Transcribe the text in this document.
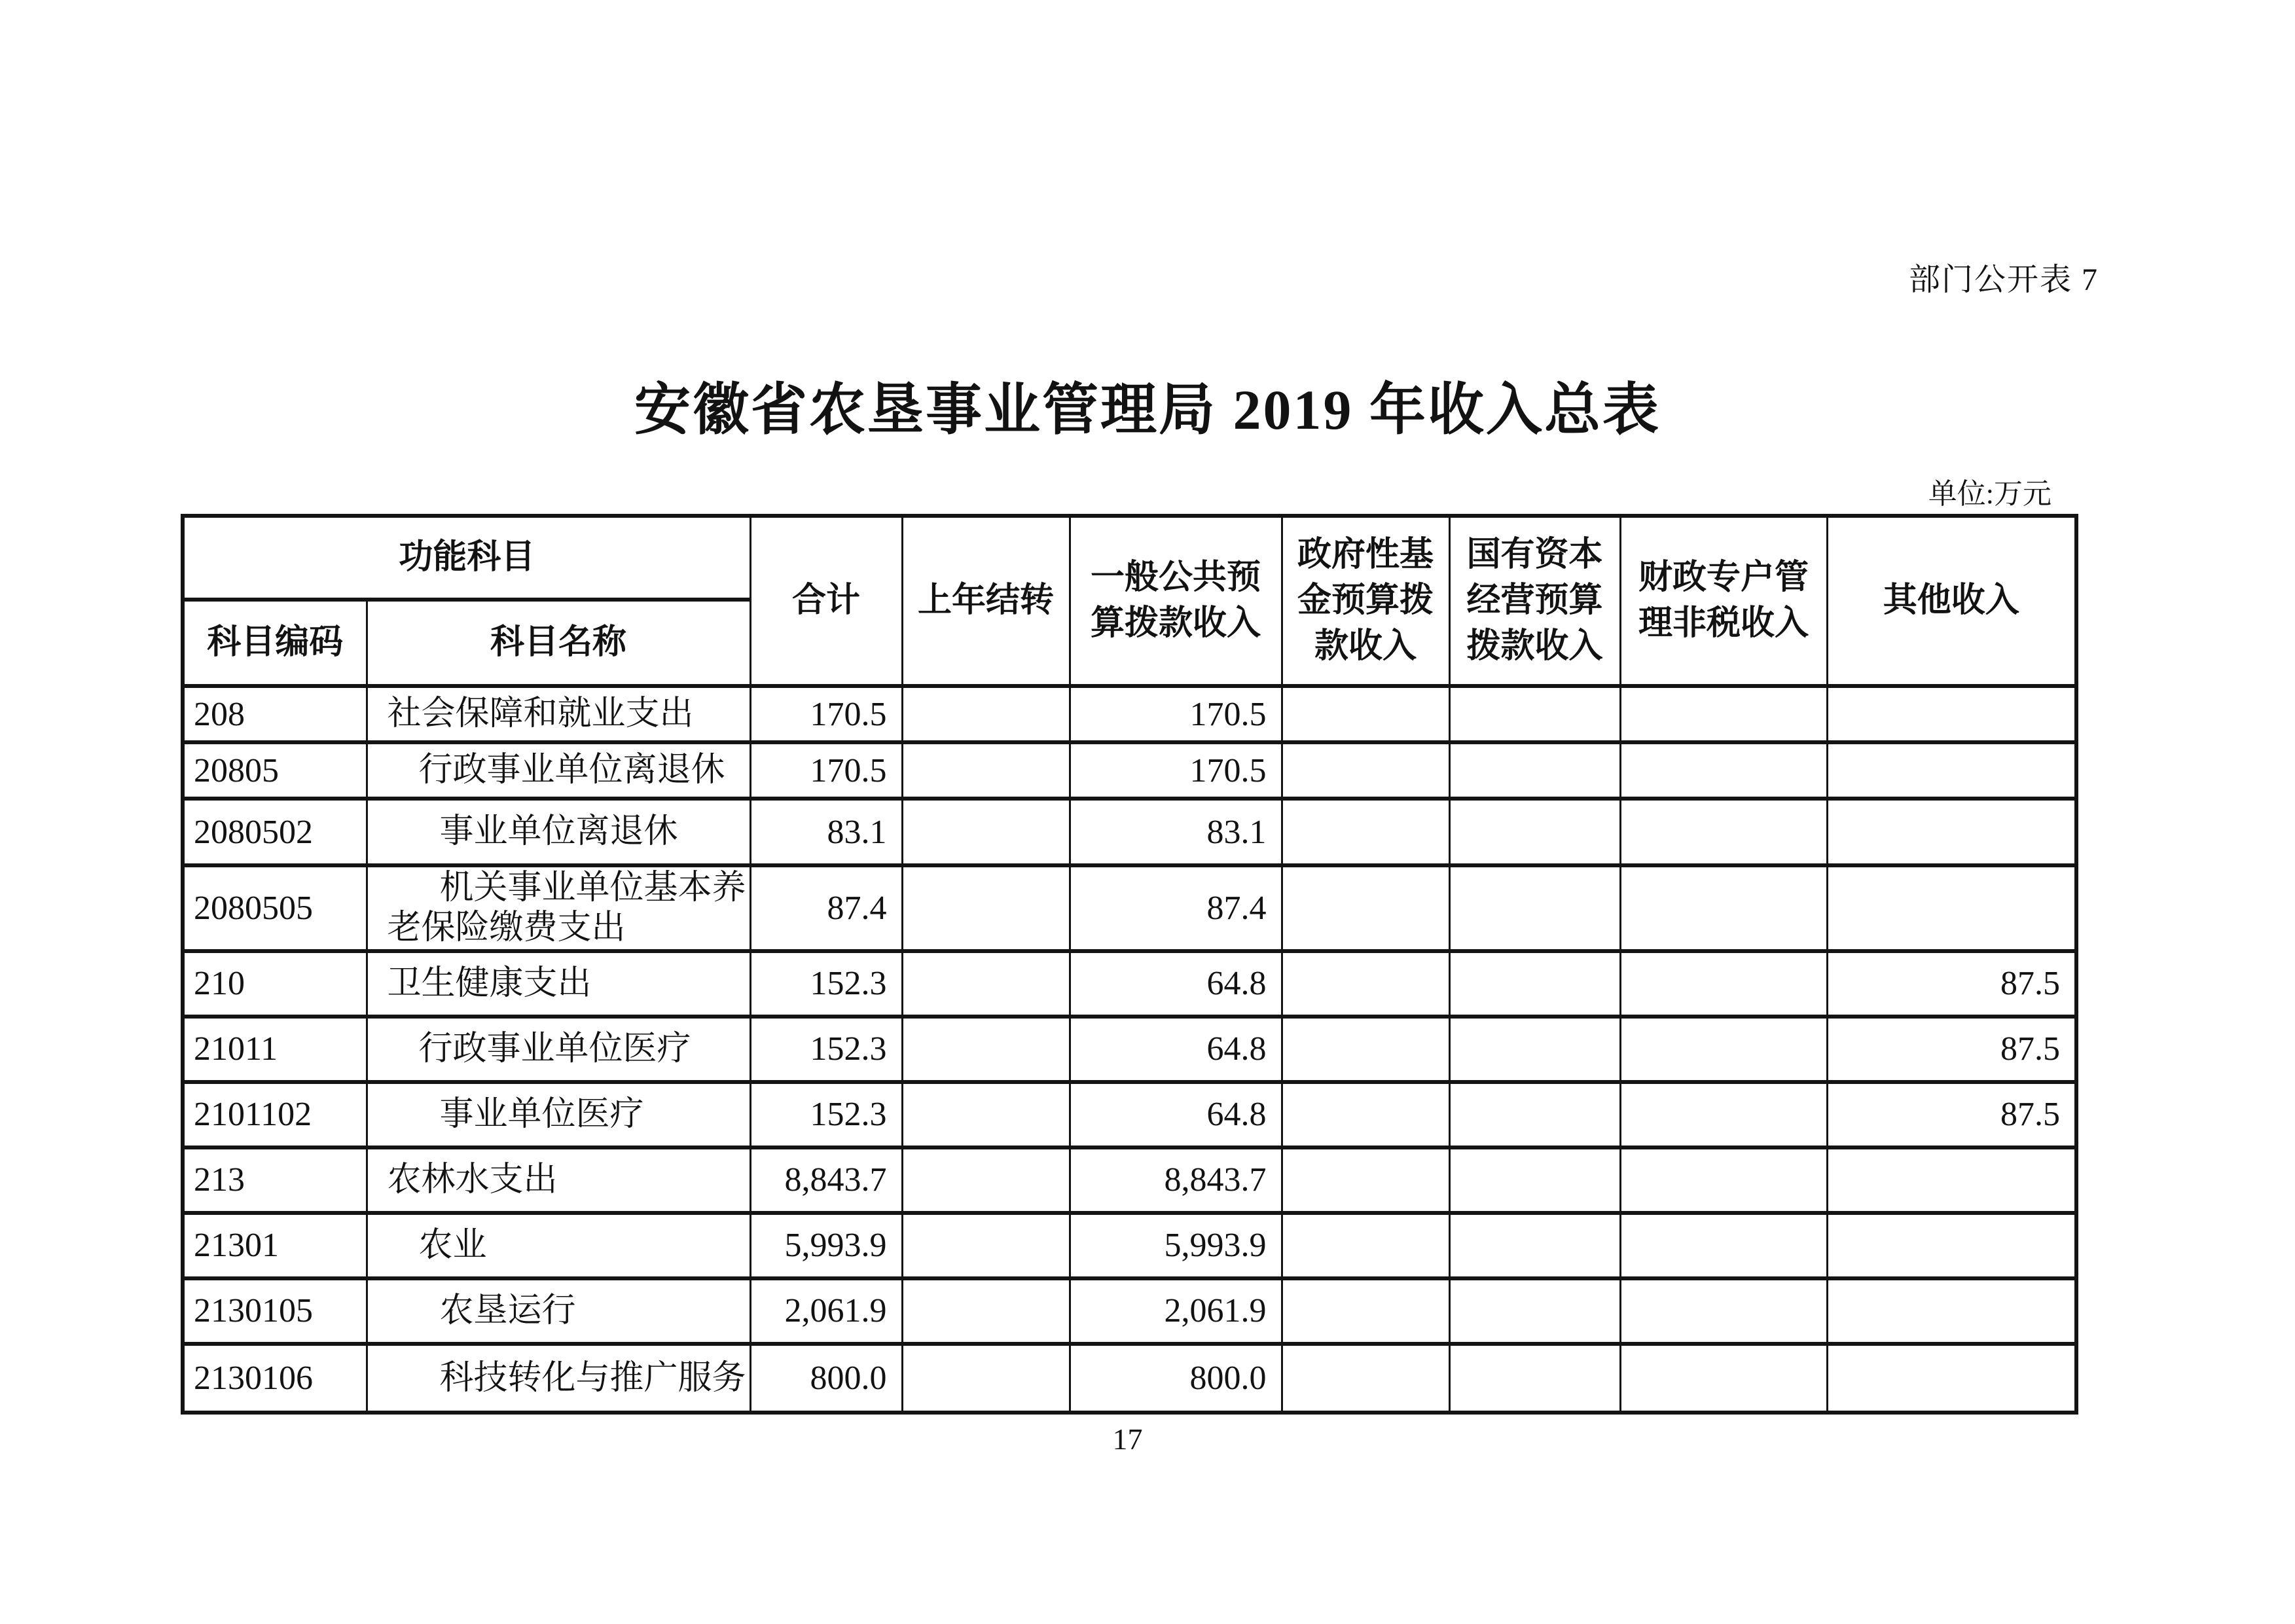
部门公开表 7
安徽省农垦事业管理局 2019 年收入总表
单位:万元
功能科目		合计	上年结转	一般公共预算拨款收入	政府性基金预算拨款收入	国有资本经营预算拨款收入	财政专户管理非税收入	其他收入
科目编码	科目名称							
208	社会保障和就业支出	170.5		170.5				
20805	行政事业单位离退休	170.5		170.5				
2080502	事业单位离退休	83.1		83.1				
2080505	机关事业单位基本养老保险缴费支出	87.4		87.4				
210	卫生健康支出	152.3		64.8				87.5
21011	行政事业单位医疗	152.3		64.8				87.5
2101102	事业单位医疗	152.3		64.8				87.5
213	农林水支出	8,843.7		8,843.7				
21301	农业	5,993.9		5,993.9				
2130105	农垦运行	2,061.9		2,061.9				
2130106	科技转化与推广服务	800.0		800.0				
17
